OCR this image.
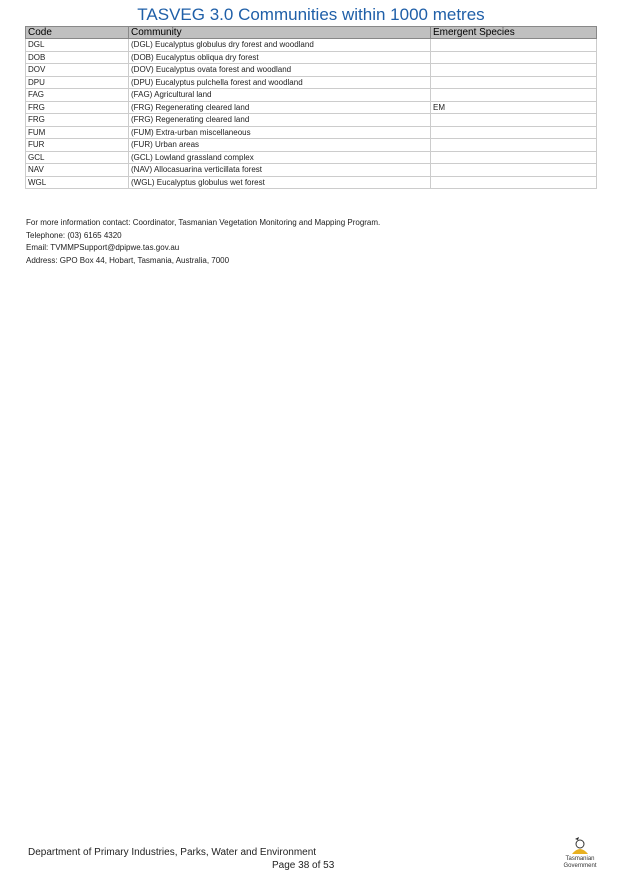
TASVEG 3.0 Communities within 1000 metres
Code	Community	Emergent Species
DGL	(DGL) Eucalyptus globulus dry forest and woodland	
DOB	(DOB) Eucalyptus obliqua dry forest	
DOV	(DOV) Eucalyptus ovata forest and woodland	
DPU	(DPU) Eucalyptus pulchella forest and woodland	
FAG	(FAG) Agricultural land	
FRG	(FRG) Regenerating cleared land	EM
FRG	(FRG) Regenerating cleared land	
FUM	(FUM) Extra-urban miscellaneous	
FUR	(FUR) Urban areas	
GCL	(GCL) Lowland grassland complex	
NAV	(NAV) Allocasuarina verticillata forest	
WGL	(WGL) Eucalyptus globulus wet forest	
For more information contact: Coordinator, Tasmanian Vegetation Monitoring and Mapping Program.
Telephone: (03) 6165 4320
Email: TVMMPSupport@dpipwe.tas.gov.au
Address: GPO Box 44, Hobart, Tasmania, Australia, 7000
Department of Primary Industries, Parks, Water and Environment
Page 38 of 53
Tasmanian Government
